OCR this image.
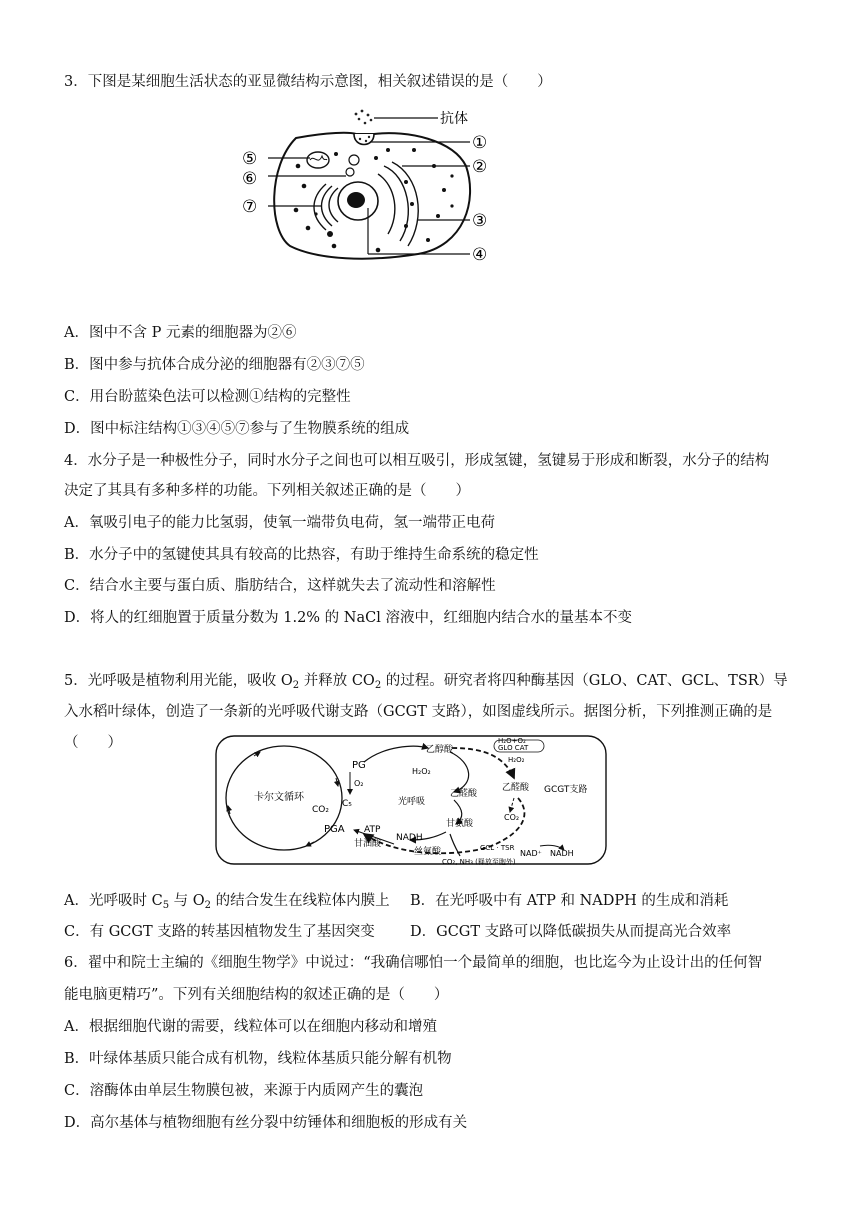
3．下图是某细胞生活状态的亚显微结构示意图，相关叙述错误的是（　　）
抗体
①
②
③
④
⑤
⑥
⑦
A．图中不含 P 元素的细胞器为②⑥
B．图中参与抗体合成分泌的细胞器有②③⑦⑤
C．用台盼蓝染色法可以检测①结构的完整性
D．图中标注结构①③④⑤⑦参与了生物膜系统的组成
4．水分子是一种极性分子，同时水分子之间也可以相互吸引，形成氢键，氢键易于形成和断裂，水分子的结构
决定了其具有多种多样的功能。下列相关叙述正确的是（　　）
A．氧吸引电子的能力比氢弱，使氧一端带负电荷，氢一端带正电荷
B．水分子中的氢键使其具有较高的比热容，有助于维持生命系统的稳定性
C．结合水主要与蛋白质、脂肪结合，这样就失去了流动性和溶解性
D．将人的红细胞置于质量分数为 1.2% 的 NaCl 溶液中，红细胞内结合水的量基本不变
5．光呼吸是植物利用光能，吸收 $O_2$ 并释放 $CO_2$ 的过程。研究者将四种酶基因（GLO、CAT、GCL、TSR）导
入水稻叶绿体，创造了一条新的光呼吸代谢支路（GCGT 支路），如图虚线所示。据图分析，下列推测正确的是
（　　）
卡尔文循环
PG
O₂
C₅
CO₂
PGA ATP
甘油酸
NADH
丝氨酸
乙醇酸
H₂O₂
光呼吸
乙醛酸
甘氨酸
H₂O+O₂
GLO CAT
H₂O₂
乙醛酸
CO₂
GCGT支路
GCL · TSR
NAD⁺ NADH
CO₂, NH₃ (释放至胞外)
A．光呼吸时 $C_5$ 与 $O_2$ 的结合发生在线粒体内膜上 B．在光呼吸中有 ATP 和 NADPH 的生成和消耗
C．有 GCGT 支路的转基因植物发生了基因突变 D．GCGT 支路可以降低碳损失从而提高光合效率
6．翟中和院士主编的《细胞生物学》中说过：“我确信哪怕一个最简单的细胞，也比迄今为止设计出的任何智
能电脑更精巧”。下列有关细胞结构的叙述正确的是（　　）
A．根据细胞代谢的需要，线粒体可以在细胞内移动和增殖
B．叶绿体基质只能合成有机物，线粒体基质只能分解有机物
C．溶酶体由单层生物膜包被，来源于内质网产生的囊泡
D．高尔基体与植物细胞有丝分裂中纺锤体和细胞板的形成有关
